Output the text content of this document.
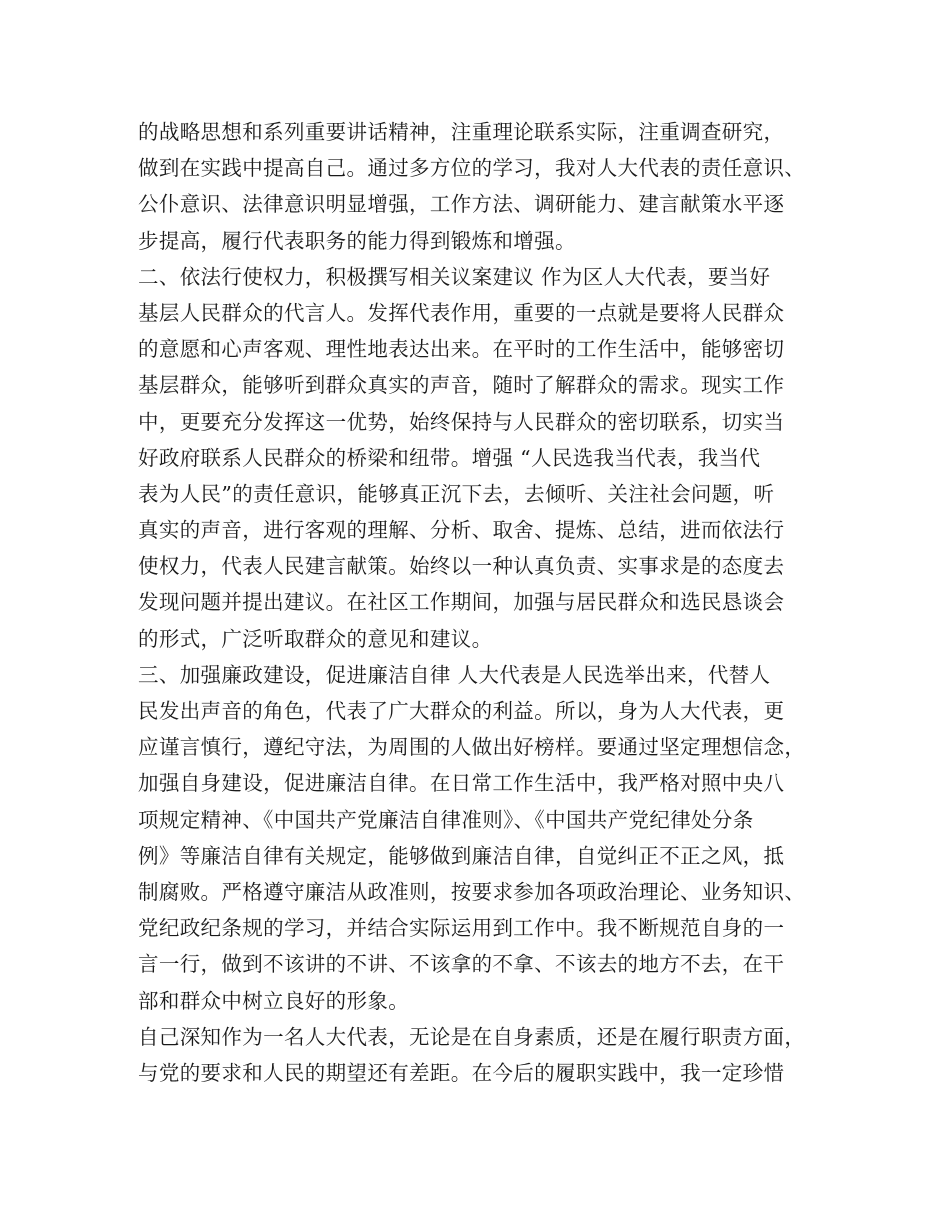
的战略思想和系列重要讲话精神，注重理论联系实际，注重调查研究，
做到在实践中提高自己。通过多方位的学习，我对人大代表的责任意识、
公仆意识、法律意识明显增强，工作方法、调研能力、建言献策水平逐
步提高，履行代表职务的能力得到锻炼和增强。
二、依法行使权力，积极撰写相关议案建议 作为区人大代表，要当好
基层人民群众的代言人。发挥代表作用，重要的一点就是要将人民群众
的意愿和心声客观、理性地表达出来。在平时的工作生活中，能够密切
基层群众，能够听到群众真实的声音，随时了解群众的需求。现实工作
中，更要充分发挥这一优势，始终保持与人民群众的密切联系，切实当
好政府联系人民群众的桥梁和纽带。增强 “人民选我当代表，我当代
表为人民”的责任意识，能够真正沉下去，去倾听、关注社会问题，听
真实的声音，进行客观的理解、分析、取舍、提炼、总结，进而依法行
使权力，代表人民建言献策。始终以一种认真负责、实事求是的态度去
发现问题并提出建议。在社区工作期间，加强与居民群众和选民恳谈会
的形式，广泛听取群众的意见和建议。
三、加强廉政建设，促进廉洁自律 人大代表是人民选举出来，代替人
民发出声音的角色，代表了广大群众的利益。所以，身为人大代表，更
应谨言慎行，遵纪守法，为周围的人做出好榜样。要通过坚定理想信念，
加强自身建设，促进廉洁自律。在日常工作生活中，我严格对照中央八
项规定精神、《中国共产党廉洁自律准则》、《中国共产党纪律处分条
例》等廉洁自律有关规定，能够做到廉洁自律，自觉纠正不正之风，抵
制腐败。严格遵守廉洁从政准则，按要求参加各项政治理论、业务知识、
党纪政纪条规的学习，并结合实际运用到工作中。我不断规范自身的一
言一行，做到不该讲的不讲、不该拿的不拿、不该去的地方不去，在干
部和群众中树立良好的形象。
自己深知作为一名人大代表，无论是在自身素质，还是在履行职责方面，
与党的要求和人民的期望还有差距。在今后的履职实践中，我一定珍惜
